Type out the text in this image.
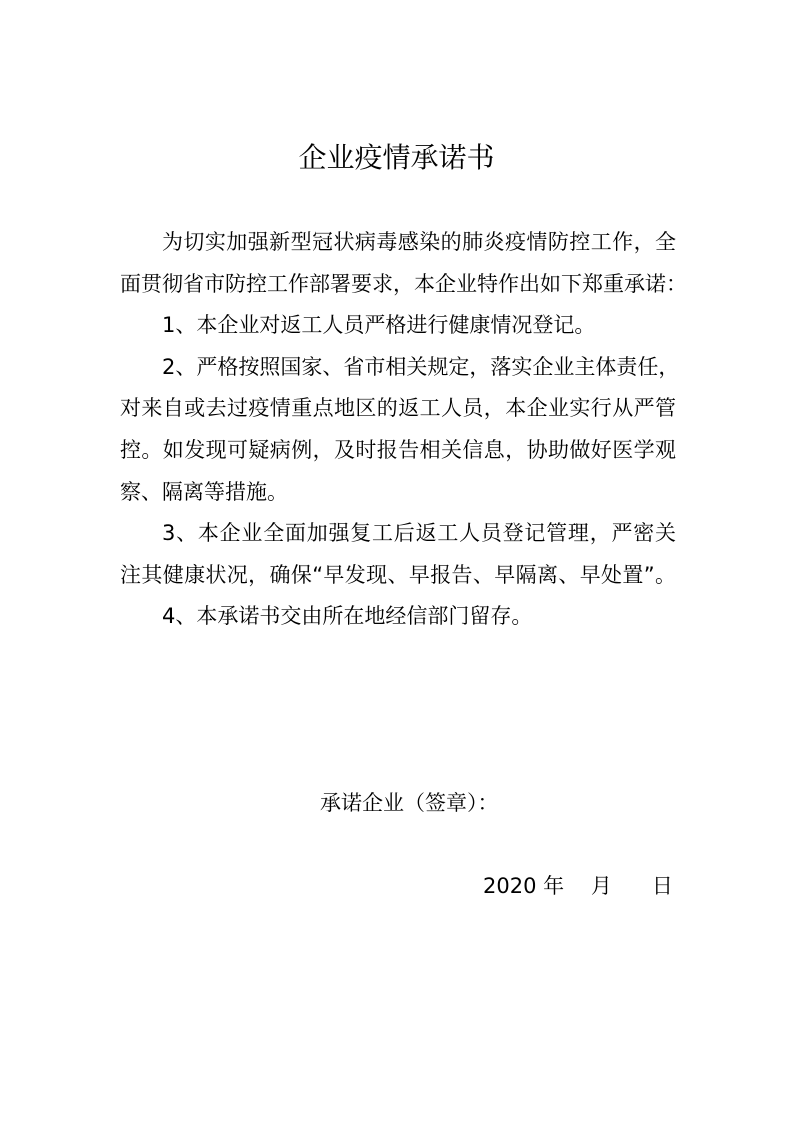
企业疫情承诺书
为切实加强新型冠状病毒感染的肺炎疫情防控工作，全
面贯彻省市防控工作部署要求，本企业特作出如下郑重承诺：
1、本企业对返工人员严格进行健康情况登记。
2、严格按照国家、省市相关规定，落实企业主体责任，
对来自或去过疫情重点地区的返工人员，本企业实行从严管
控。如发现可疑病例，及时报告相关信息，协助做好医学观
察、隔离等措施。
3、本企业全面加强复工后返工人员登记管理，严密关
注其健康状况，确保“早发现、早报告、早隔离、早处置”。
4、本承诺书交由所在地经信部门留存。
承诺企业（签章）：
2020 年    月      日
